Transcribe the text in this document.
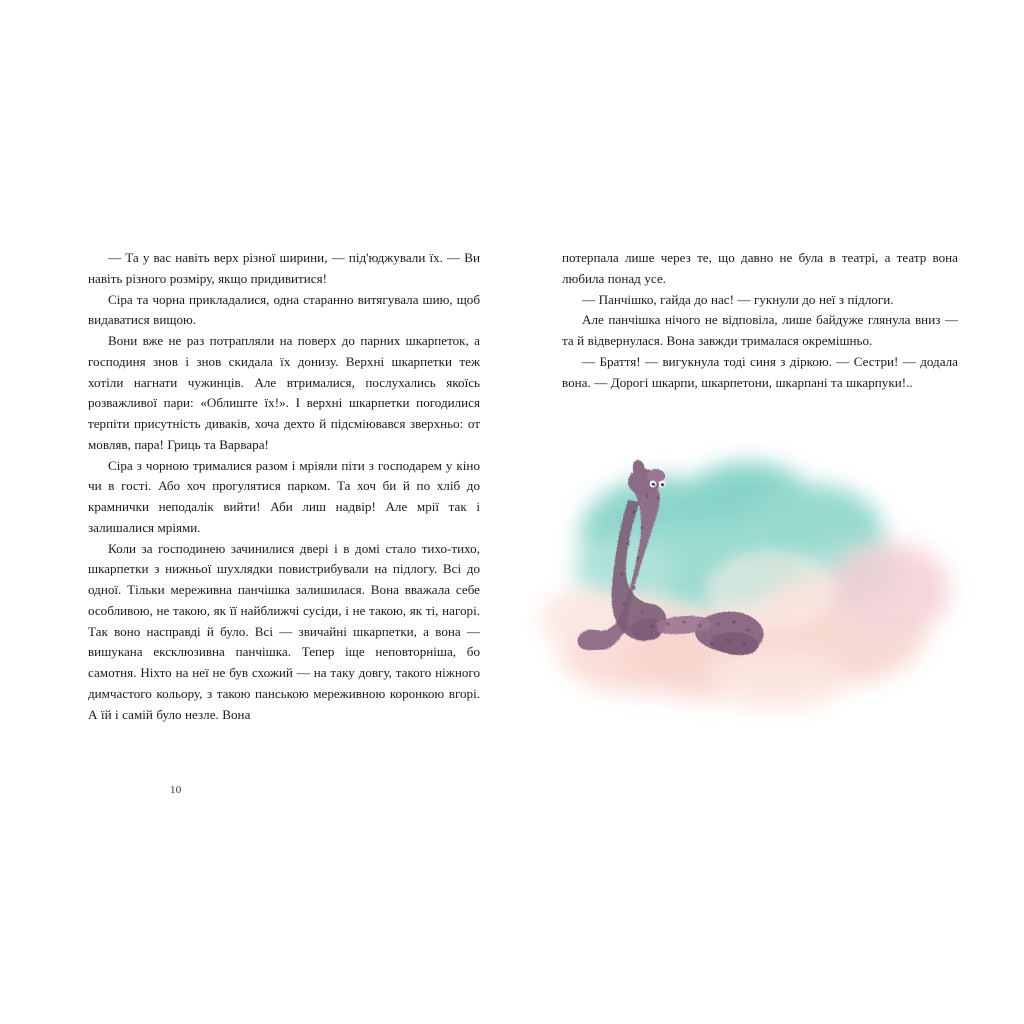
— Та у вас навіть верх різної ширини, — під'юджували їх. — Ви навіть різного розміру, якщо придивитися!

Сіра та чорна прикладалися, одна старанно витягувала шию, щоб видаватися вищою.

Вони вже не раз потрапляли на поверх до парних шкарпеток, а господиня знов і знов скидала їх донизу. Верхні шкарпетки теж хотіли нагнати чужинців. Але втрималися, послухались якоїсь розважливої пари: «Облиште їх!». І верхні шкарпетки погодилися терпіти присутність диваків, хоча дехто й підсміювався зверхньо: от мовляв, пара! Гриць та Варвара!

Сіра з чорною трималися разом і мріяли піти з господарем у кіно чи в гості. Або хоч прогулятися парком. Та хоч би й по хліб до крамнички неподалік вийти! Аби лиш надвір! Але мрії так і залишалися мріями.

Коли за господинею зачинилися двері і в домі стало тихо-тихо, шкарпетки з нижньої шухлядки повистрибували на підлогу. Всі до одної. Тільки мереживна панчішка залишилася. Вона вважала себе особливою, не такою, як її найближчі сусіди, і не такою, як ті, нагорі. Так воно насправді й було. Всі — звичайні шкарпетки, а вона — вишукана ексклюзивна панчішка. Тепер іще неповторніша, бо самотня. Ніхто на неї не був схожий — на таку довгу, такого ніжного димчастого кольору, з такою панською мереживною коронкою вгорі. А їй і самій було незле. Вона

10

потерпала лише через те, що давно не була в театрі, а театр вона любила понад усе.

— Панчішко, гайда до нас! — гукнули до неї з підлоги.

Але панчішка нічого не відповіла, лише байдуже глянула вниз — та й відвернулася. Вона завжди трималася окремішньо.

— Браття! — вигукнула тоді синя з діркою. — Сестри! — додала вона. — Дорогі шкарпи, шкарпетони, шкарпані та шкарпуки!..
